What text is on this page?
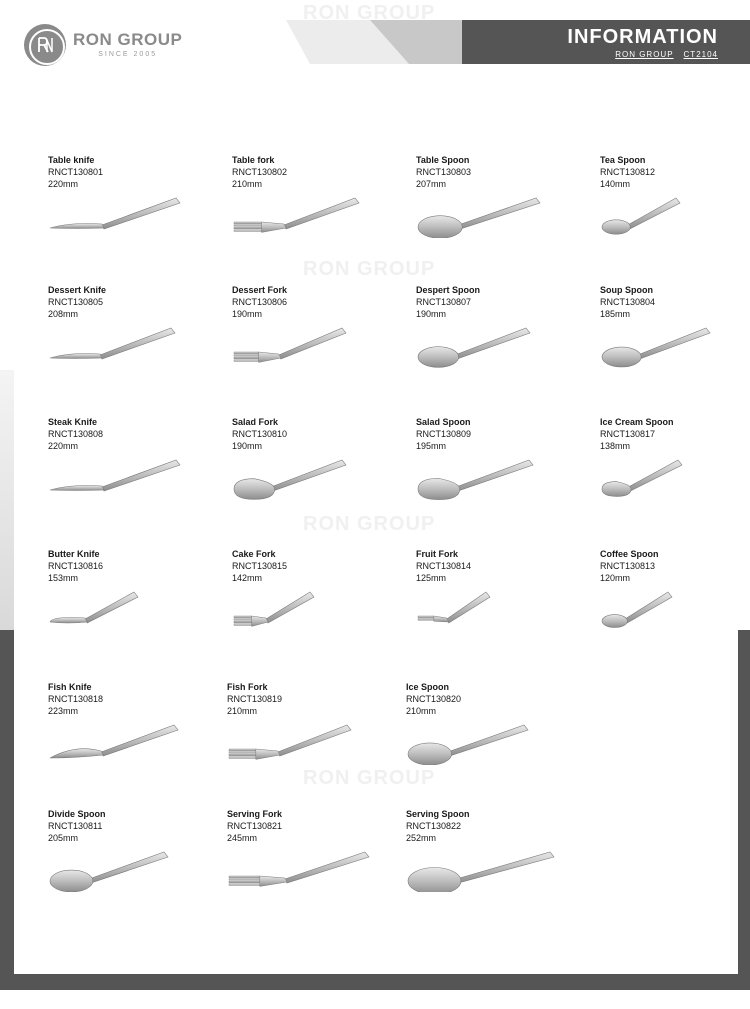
INFORMATION
RON GROUP CT2104
RON GROUP
SINCE 2005
RON GROUP
RON GROUP
RON GROUP
RON GROUP
Table knife
RNCT130801
220mm
Table fork
RNCT130802
210mm
Table Spoon
RNCT130803
207mm
Tea Spoon
RNCT130812
140mm
Dessert Knife
RNCT130805
208mm
Dessert Fork
RNCT130806
190mm
Despert Spoon
RNCT130807
190mm
Soup Spoon
RNCT130804
185mm
Steak Knife
RNCT130808
220mm
Salad Fork
RNCT130810
190mm
Salad Spoon
RNCT130809
195mm
Ice Cream Spoon
RNCT130817
138mm
Butter Knife
RNCT130816
153mm
Cake Fork
RNCT130815
142mm
Fruit Fork
RNCT130814
125mm
Coffee Spoon
RNCT130813
120mm
Fish Knife
RNCT130818
223mm
Fish Fork
RNCT130819
210mm
Ice Spoon
RNCT130820
210mm
Divide Spoon
RNCT130811
205mm
Serving Fork
RNCT130821
245mm
Serving Spoon
RNCT130822
252mm
